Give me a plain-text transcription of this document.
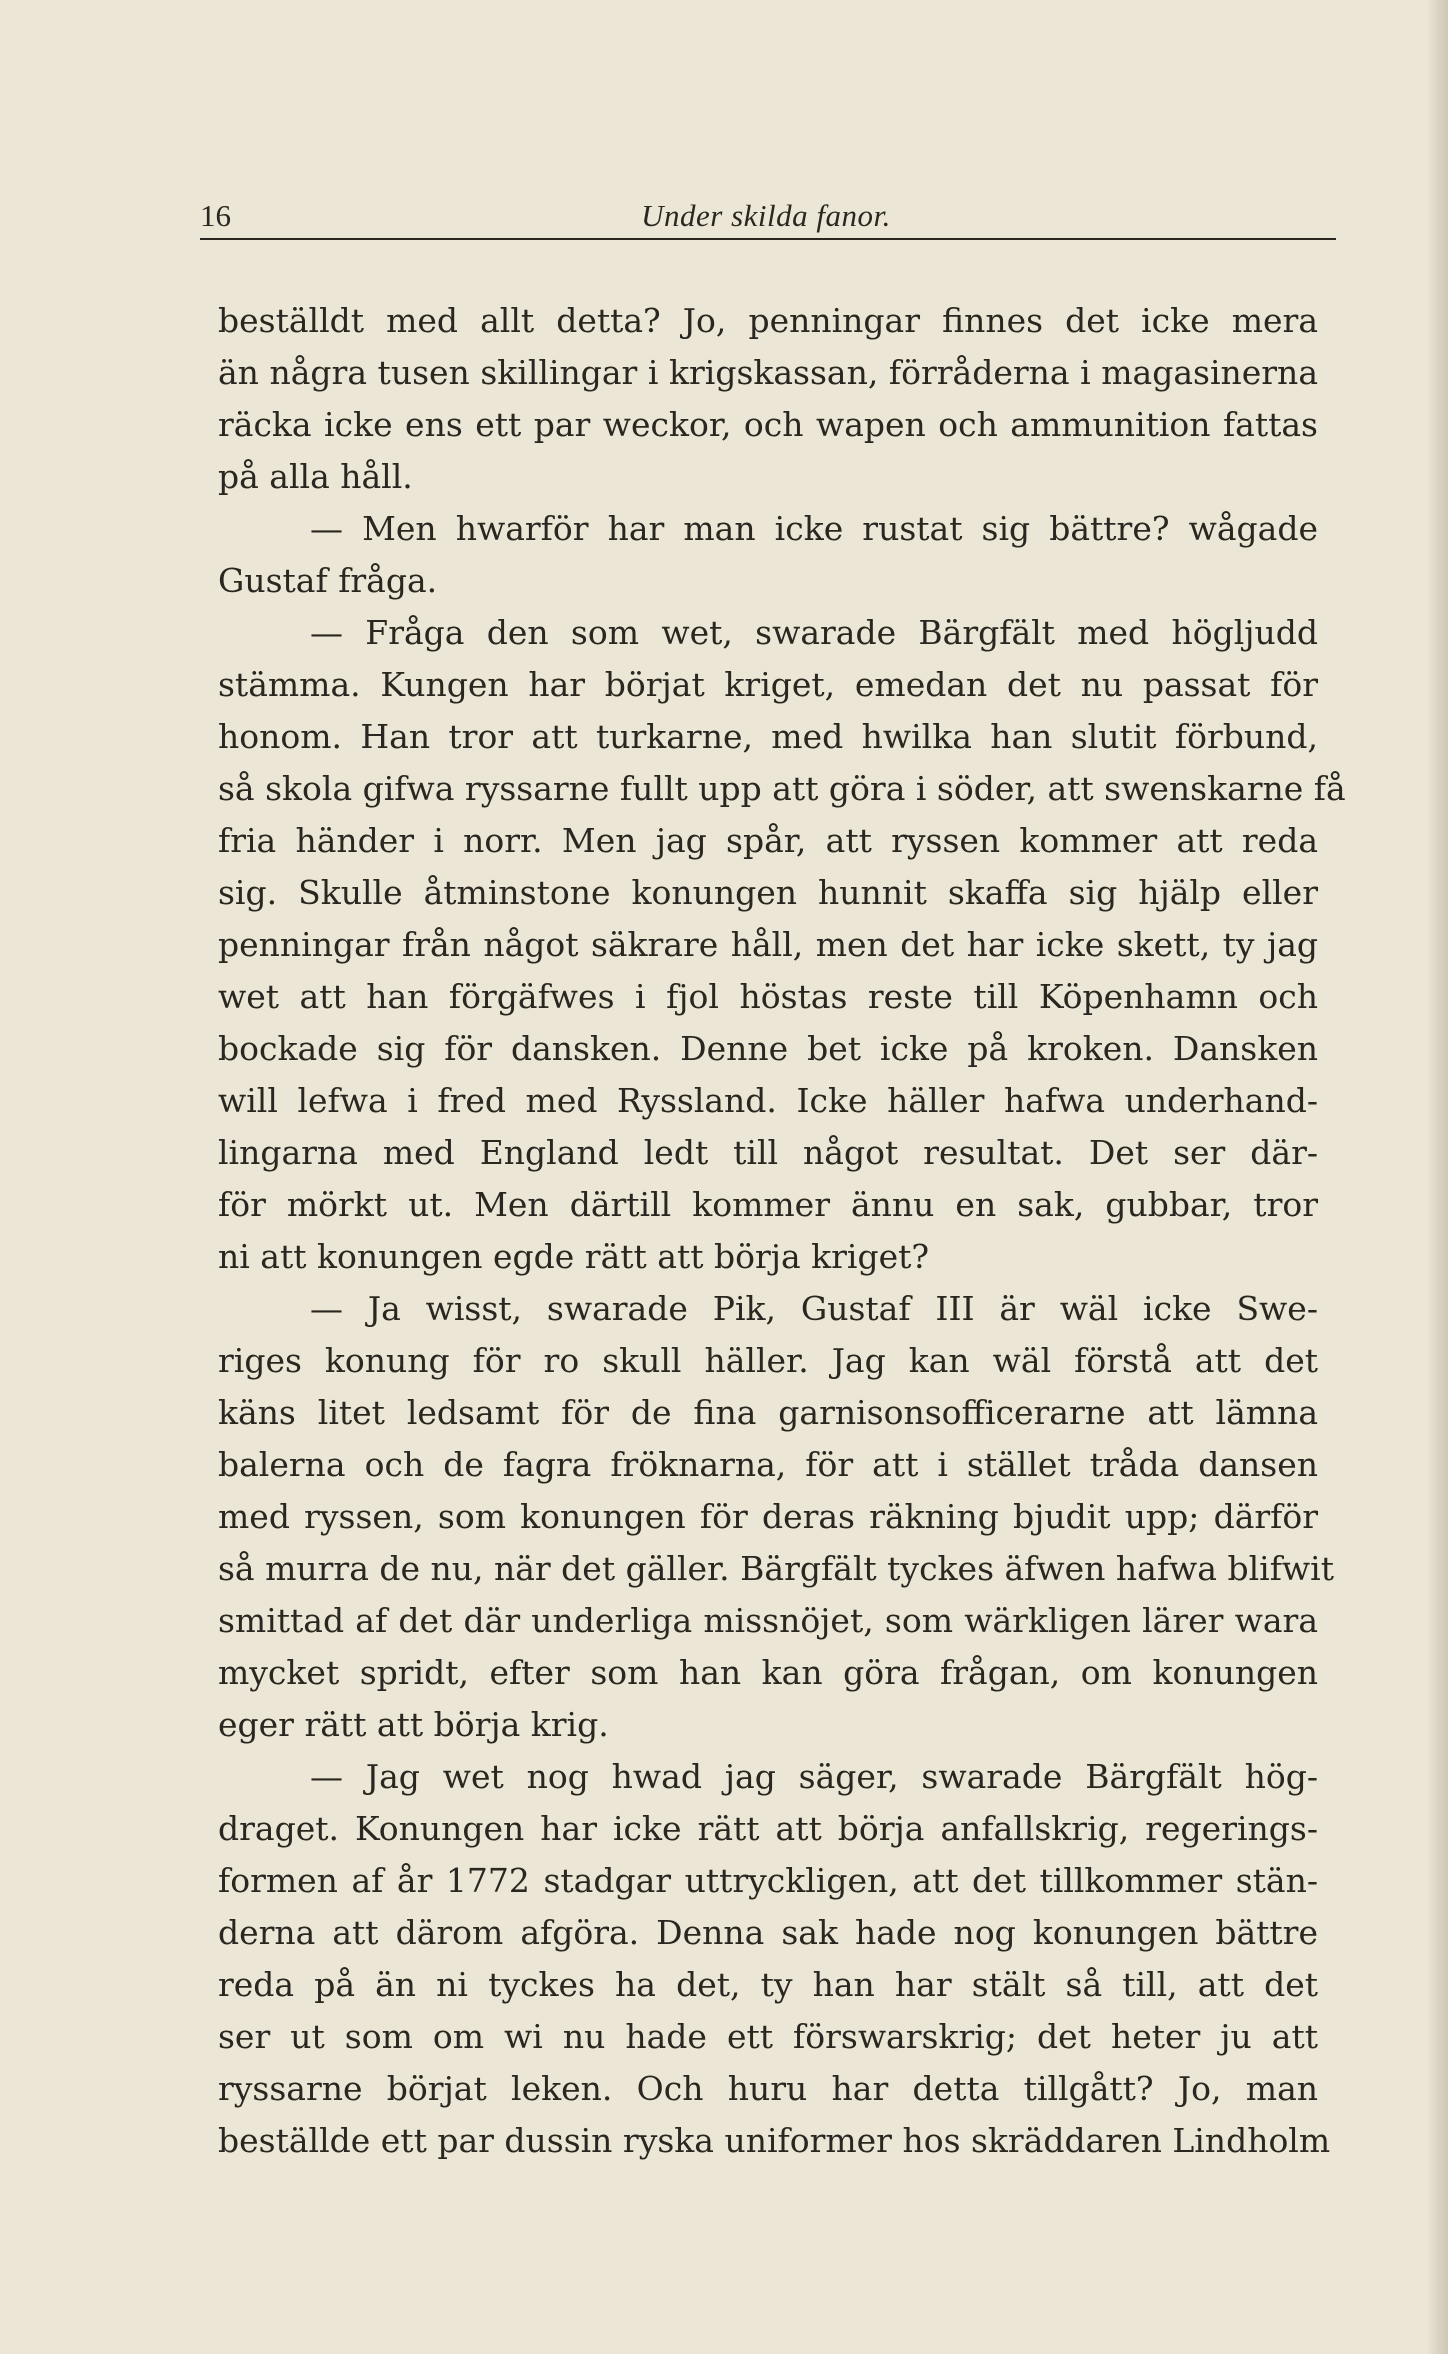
16	Under skilda fanor.
beställdt med allt detta? Jo, penningar finnes det icke mera
än några tusen skillingar i krigskassan, förråderna i magasinerna
räcka icke ens ett par weckor, och wapen och ammunition fattas
på alla håll.
— Men hwarför har man icke rustat sig bättre? wågade
Gustaf fråga.
— Fråga den som wet, swarade Bärgfält med högljudd
stämma. Kungen har börjat kriget, emedan det nu passat för
honom. Han tror att turkarne, med hwilka han slutit förbund,
så skola gifwa ryssarne fullt upp att göra i söder, att swenskarne få
fria händer i norr. Men jag spår, att ryssen kommer att reda
sig. Skulle åtminstone konungen hunnit skaffa sig hjälp eller
penningar från något säkrare håll, men det har icke skett, ty jag
wet att han förgäfwes i fjol höstas reste till Köpenhamn och
bockade sig för dansken. Denne bet icke på kroken. Dansken
will lefwa i fred med Ryssland. Icke häller hafwa underhand-
lingarna med England ledt till något resultat. Det ser där-
för mörkt ut. Men därtill kommer ännu en sak, gubbar, tror
ni att konungen egde rätt att börja kriget?
— Ja wisst, swarade Pik, Gustaf III är wäl icke Swe-
riges konung för ro skull häller. Jag kan wäl förstå att det
käns litet ledsamt för de fina garnisonsofficerarne att lämna
balerna och de fagra fröknarna, för att i stället tråda dansen
med ryssen, som konungen för deras räkning bjudit upp; därför
så murra de nu, när det gäller. Bärgfält tyckes äfwen hafwa blifwit
smittad af det där underliga missnöjet, som wärkligen lärer wara
mycket spridt, efter som han kan göra frågan, om konungen
eger rätt att börja krig.
— Jag wet nog hwad jag säger, swarade Bärgfält hög-
draget. Konungen har icke rätt att börja anfallskrig, regerings-
formen af år 1772 stadgar uttryckligen, att det tillkommer stän-
derna att därom afgöra. Denna sak hade nog konungen bättre
reda på än ni tyckes ha det, ty han har stält så till, att det
ser ut som om wi nu hade ett förswarskrig; det heter ju att
ryssarne börjat leken. Och huru har detta tillgått? Jo, man
beställde ett par dussin ryska uniformer hos skräddaren Lindholm
